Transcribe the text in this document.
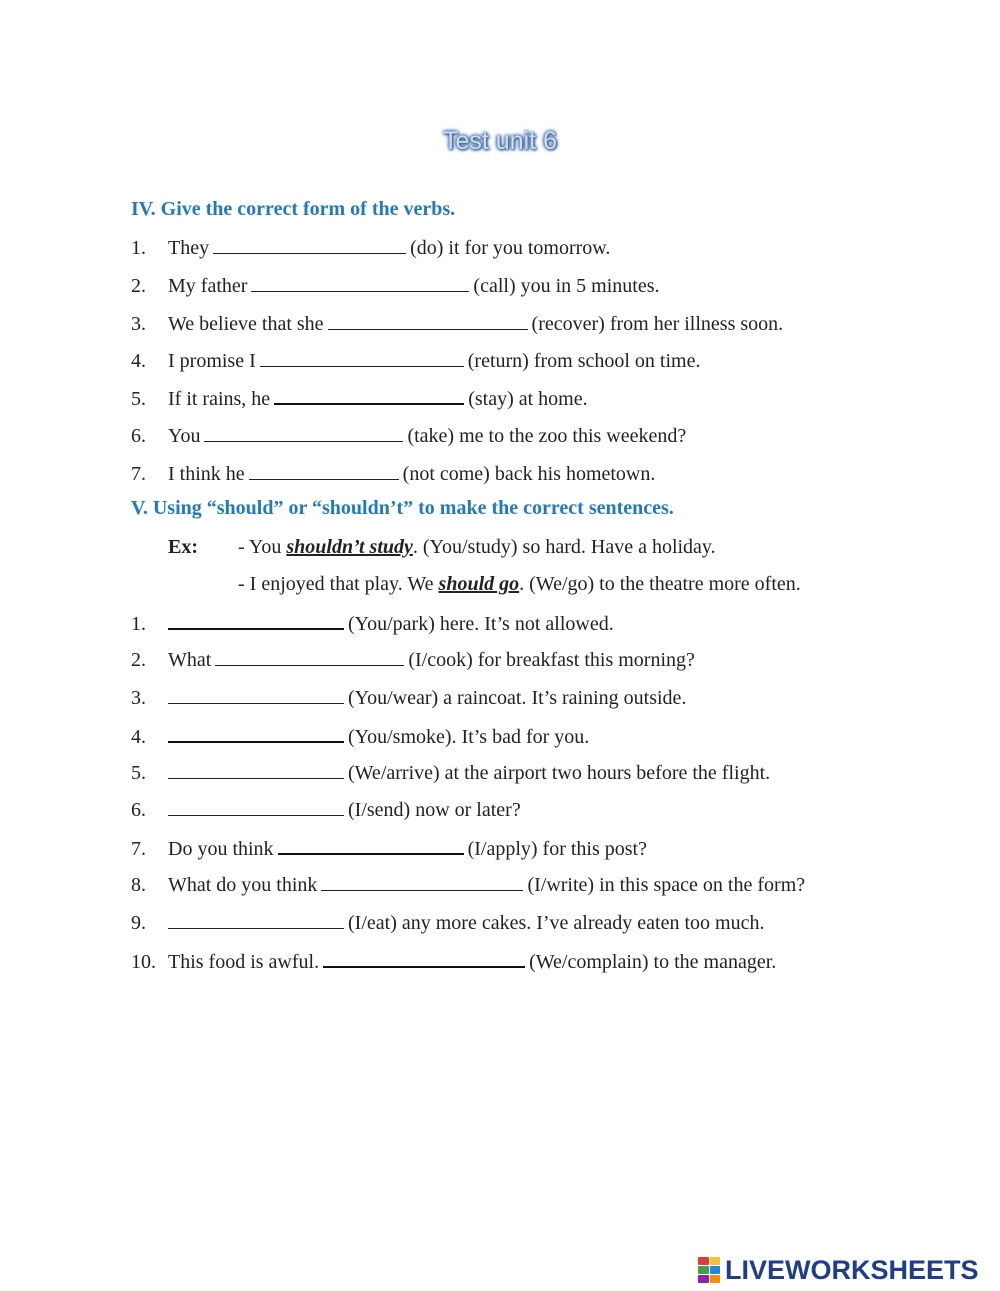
Test unit 6
IV. Give the correct form of the verbs.
1. They	(do) it for you tomorrow.
2. My father	(call) you in 5 minutes.
3. We believe that she	(recover) from her illness soon.
4. I promise I	(return) from school on time.
5. If it rains, he	(stay) at home.
6. You	(take) me to the zoo this weekend?
7. I think he	(not come) back his hometown.
V. Using “should” or “shouldn’t” to make the correct sentences.
Ex: - You shouldn’t study. (You/study) so hard. Have a holiday.
- I enjoyed that play. We should go. (We/go) to the theatre more often.
1.	(You/park) here. It’s not allowed.
2. What	(I/cook) for breakfast this morning?
3.	(You/wear) a raincoat. It’s raining outside.
4.	(You/smoke). It’s bad for you.
5.	(We/arrive) at the airport two hours before the flight.
6.	(I/send) now or later?
7. Do you think	(I/apply) for this post?
8. What do you think	(I/write) in this space on the form?
9.	(I/eat) any more cakes. I’ve already eaten too much.
10. This food is awful.	(We/complain) to the manager.
LIVEWORKSHEETS
